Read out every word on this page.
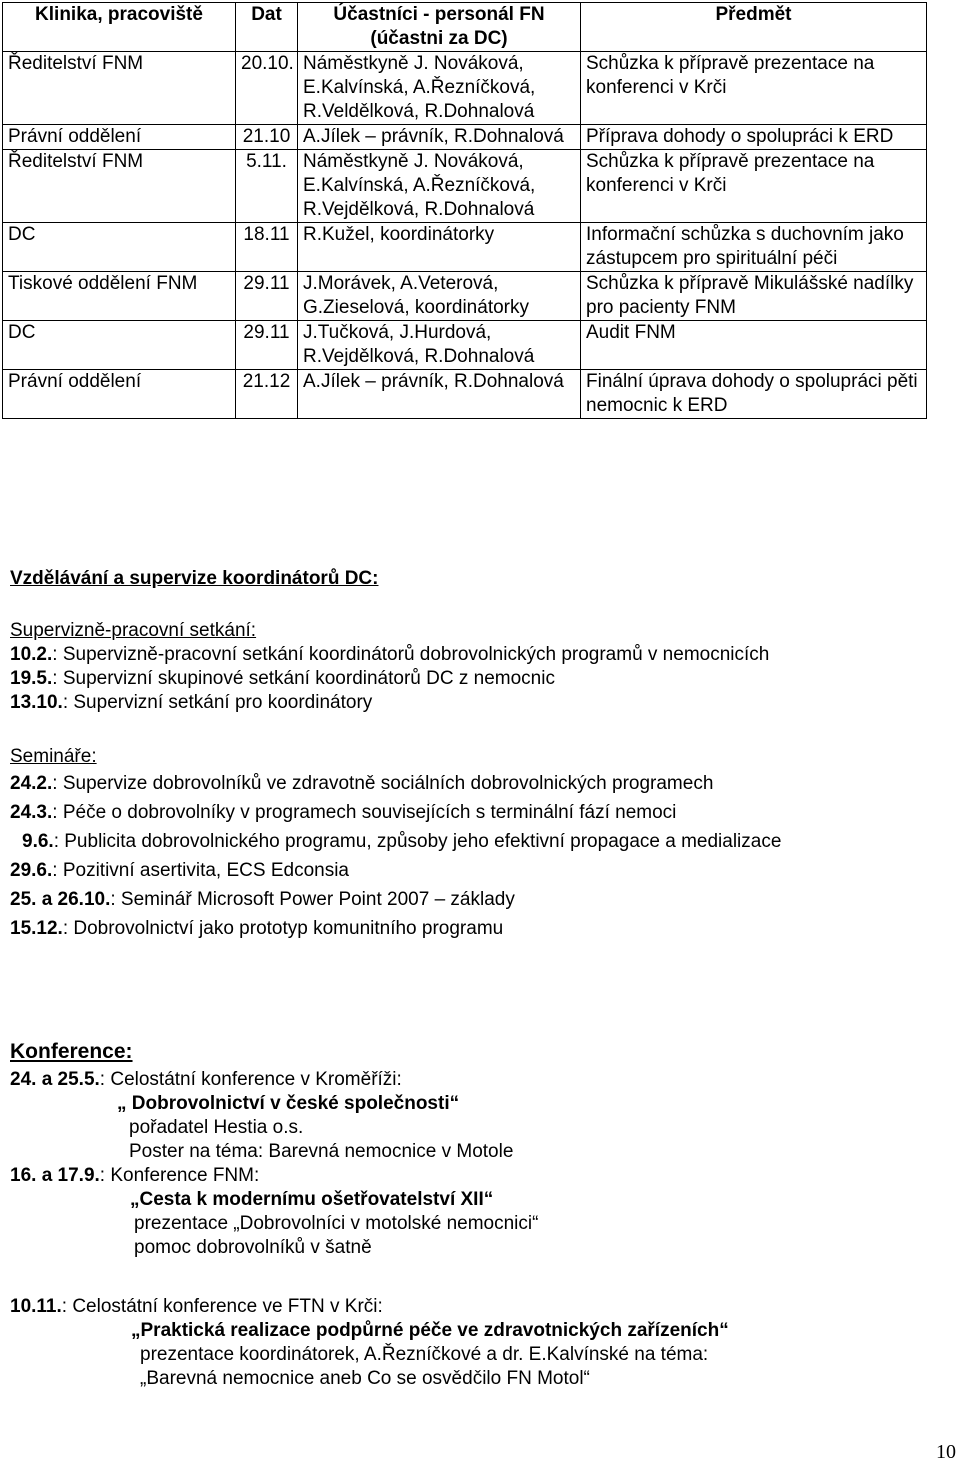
Klinika, pracoviště	Dat	Účastníci - personál FN (účastni za DC)	Předmět
Ředitelství FNM	20.10.	Náměstkyně J. Nováková, E.Kalvínská, A.Řezníčková, R.Veldělková, R.Dohnalová	Schůzka k přípravě prezentace na konferenci v Krči
Právní oddělení	21.10	A.Jílek – právník, R.Dohnalová	Příprava dohody o spolupráci k ERD
Ředitelství FNM	5.11.	Náměstkyně J. Nováková, E.Kalvínská, A.Řezníčková, R.Vejdělková, R.Dohnalová	Schůzka k přípravě prezentace na konferenci v Krči
DC	18.11	R.Kužel, koordinátorky	Informační schůzka s duchovním jako zástupcem pro spirituální péči
Tiskové oddělení FNM	29.11	J.Morávek, A.Veterová, G.Zieselová, koordinátorky	Schůzka k přípravě Mikulášské nadílky pro pacienty FNM
DC	29.11	J.Tučková, J.Hurdová, R.Vejdělková, R.Dohnalová	Audit FNM
Právní oddělení	21.12	A.Jílek – právník, R.Dohnalová	Finální úprava dohody o spolupráci pěti nemocnic k ERD

Vzdělávání a supervize koordinátorů DC:

Supervizně-pracovní setkání:

10.2.: Supervizně-pracovní setkání koordinátorů dobrovolnických programů v nemocnicích

19.5.: Supervizní skupinové setkání koordinátorů DC z nemocnic

13.10.: Supervizní setkání pro koordinátory

Semináře:

24.2.: Supervize dobrovolníků ve zdravotně sociálních dobrovolnických programech

24.3.: Péče o dobrovolníky v programech souvisejících s terminální fází nemoci

9.6.: Publicita dobrovolnického programu, způsoby jeho efektivní propagace a medializace

29.6.: Pozitivní asertivita, ECS Edconsia

25. a 26.10.: Seminář Microsoft Power Point 2007 – základy

15.12.: Dobrovolnictví jako prototyp komunitního programu

Konference:

24. a 25.5.: Celostátní konference v Kroměříži:

„ Dobrovolnictví v české společnosti“

pořadatel Hestia o.s.

Poster na téma: Barevná nemocnice v Motole

16. a 17.9.: Konference FNM:

„Cesta k modernímu ošetřovatelství XII“

prezentace „Dobrovolníci v motolské nemocnici“

pomoc dobrovolníků v šatně

10.11.: Celostátní konference ve FTN v Krči:

„Praktická realizace podpůrné péče ve zdravotnických zařízeních“

prezentace koordinátorek, A.Řezníčkové a dr. E.Kalvínské na téma:

„Barevná nemocnice aneb Co se osvědčilo FN Motol“

10
